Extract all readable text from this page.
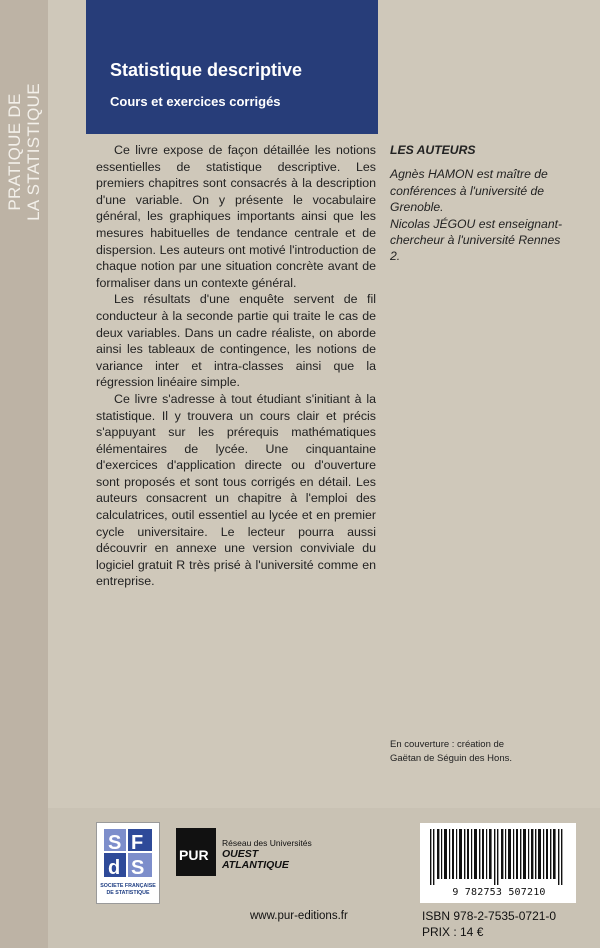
PRATIQUE DE LA STATISTIQUE
Statistique descriptive
Cours et exercices corrigés

Ce livre expose de façon détaillée les notions essentielles de statistique descriptive. Les premiers chapitres sont consacrés à la description d'une variable. On y présente le vocabulaire général, les graphiques importants ainsi que les mesures habituelles de tendance centrale et de dispersion. Les auteurs ont motivé l'introduction de chaque notion par une situation concrète avant de formaliser dans un contexte général.

Les résultats d'une enquête servent de fil conducteur à la seconde partie qui traite le cas de deux variables. Dans un cadre réaliste, on aborde ainsi les tableaux de contingence, les notions de variance inter et intra-classes ainsi que la régression linéaire simple.

Ce livre s'adresse à tout étudiant s'initiant à la statistique. Il y trouvera un cours clair et précis s'appuyant sur les prérequis mathématiques élémentaires de lycée. Une cinquantaine d'exercices d'application directe ou d'ouverture sont proposés et sont tous corrigés en détail. Les auteurs consacrent un chapitre à l'emploi des calculatrices, outil essentiel au lycée et en premier cycle universitaire. Le lecteur pourra aussi découvrir en annexe une version conviviale du logiciel gratuit R très prisé à l'université comme en entreprise.

LES AUTEURS
Agnès HAMON est maître de conférences à l'université de Grenoble.
Nicolas JÉGOU est enseignant-chercheur à l'université Rennes 2.
En couverture : création de
Gaëtan de Séguin des Hons.
S F
d S
SOCIETE FRANÇAISE
DE STATISTIQUE
PUR
Réseau des Universités
OUEST ATLANTIQUE
9 782753 507210
ISBN 978-2-7535-0721-0
PRIX : 14 €
www.pur-editions.fr
